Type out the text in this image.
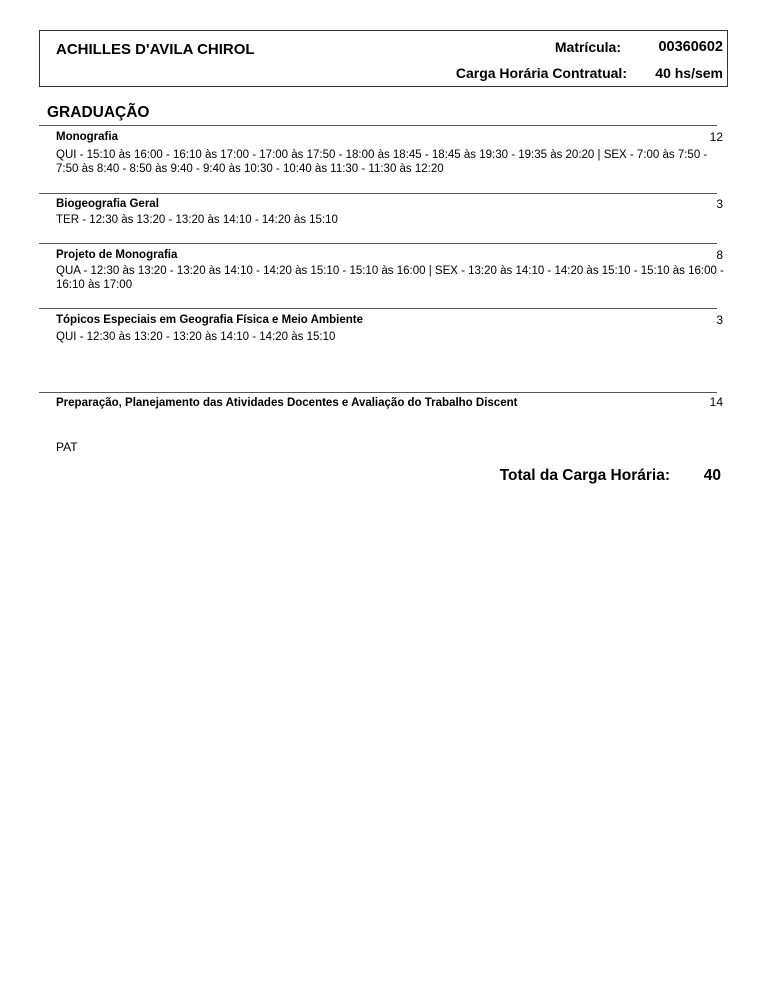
ACHILLES D'AVILA CHIROL	Matrícula:	00360602
Carga Horária Contratual: 40 hs/sem
GRADUAÇÃO
Monografia	12
QUI - 15:10 às 16:00 - 16:10 às 17:00 - 17:00 às 17:50 - 18:00 às 18:45 - 18:45 às 19:30 - 19:35 às 20:20 | SEX - 7:00 às 7:50 - 7:50 às 8:40 - 8:50 às 9:40 - 9:40 às 10:30 - 10:40 às 11:30 - 11:30 às 12:20
Biogeografia Geral	3
TER - 12:30 às 13:20 - 13:20 às 14:10 - 14:20 às 15:10
Projeto de Monografia	8
QUA - 12:30 às 13:20 - 13:20 às 14:10 - 14:20 às 15:10 - 15:10 às 16:00 | SEX - 13:20 às 14:10 - 14:20 às 15:10 - 15:10 às 16:00 - 16:10 às 17:00
Tópicos Especiais em Geografia Física e Meio Ambiente	3
QUI - 12:30 às 13:20 - 13:20 às 14:10 - 14:20 às 15:10
Preparação, Planejamento das Atividades Docentes e Avaliação do Trabalho Discent	14
PAT
Total da Carga Horária: 40
